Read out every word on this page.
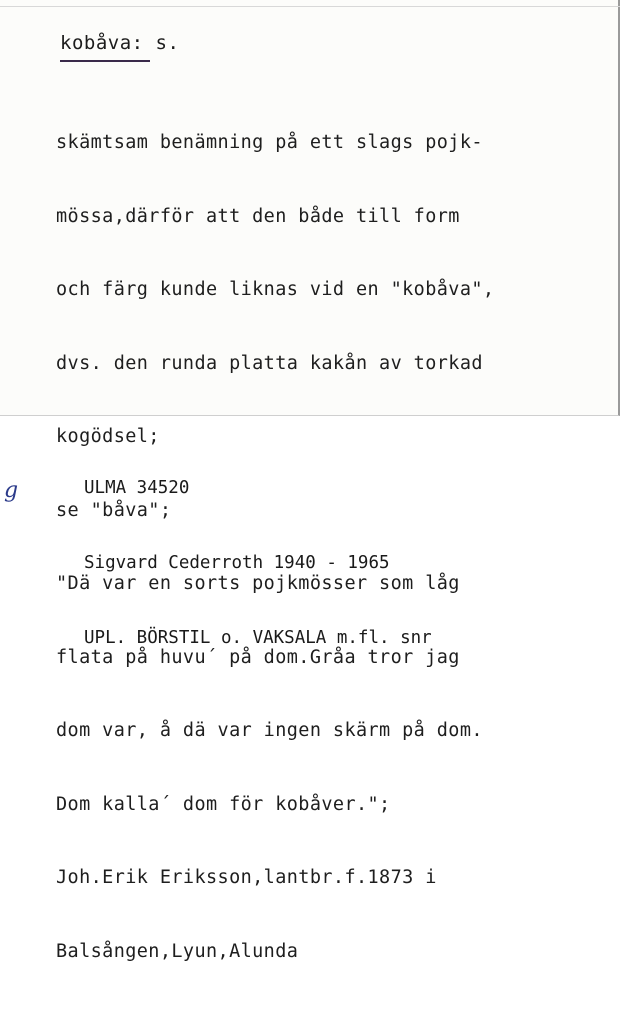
kobåva: s.

skämtsam benämning på ett slags pojk-

mössa,därför att den både till form

och färg kunde liknas vid en "kobåva",

dvs. den runda platta kakån av torkad

kogödsel;

se "båva";

"Dä var en sorts pojkmösser som låg

flata på huvu´ på dom.Gråa tror jag

dom var, å dä var ingen skärm på dom.

Dom kalla´ dom för kobåver.";

Joh.Erik Eriksson,lantbr.f.1873 i

Balsången,Lyun,Alunda

ULMA 34520

Sigvard Cederroth 1940 - 1965

UPL. BÖRSTIL o. VAKSALA m.fl. snr

g
